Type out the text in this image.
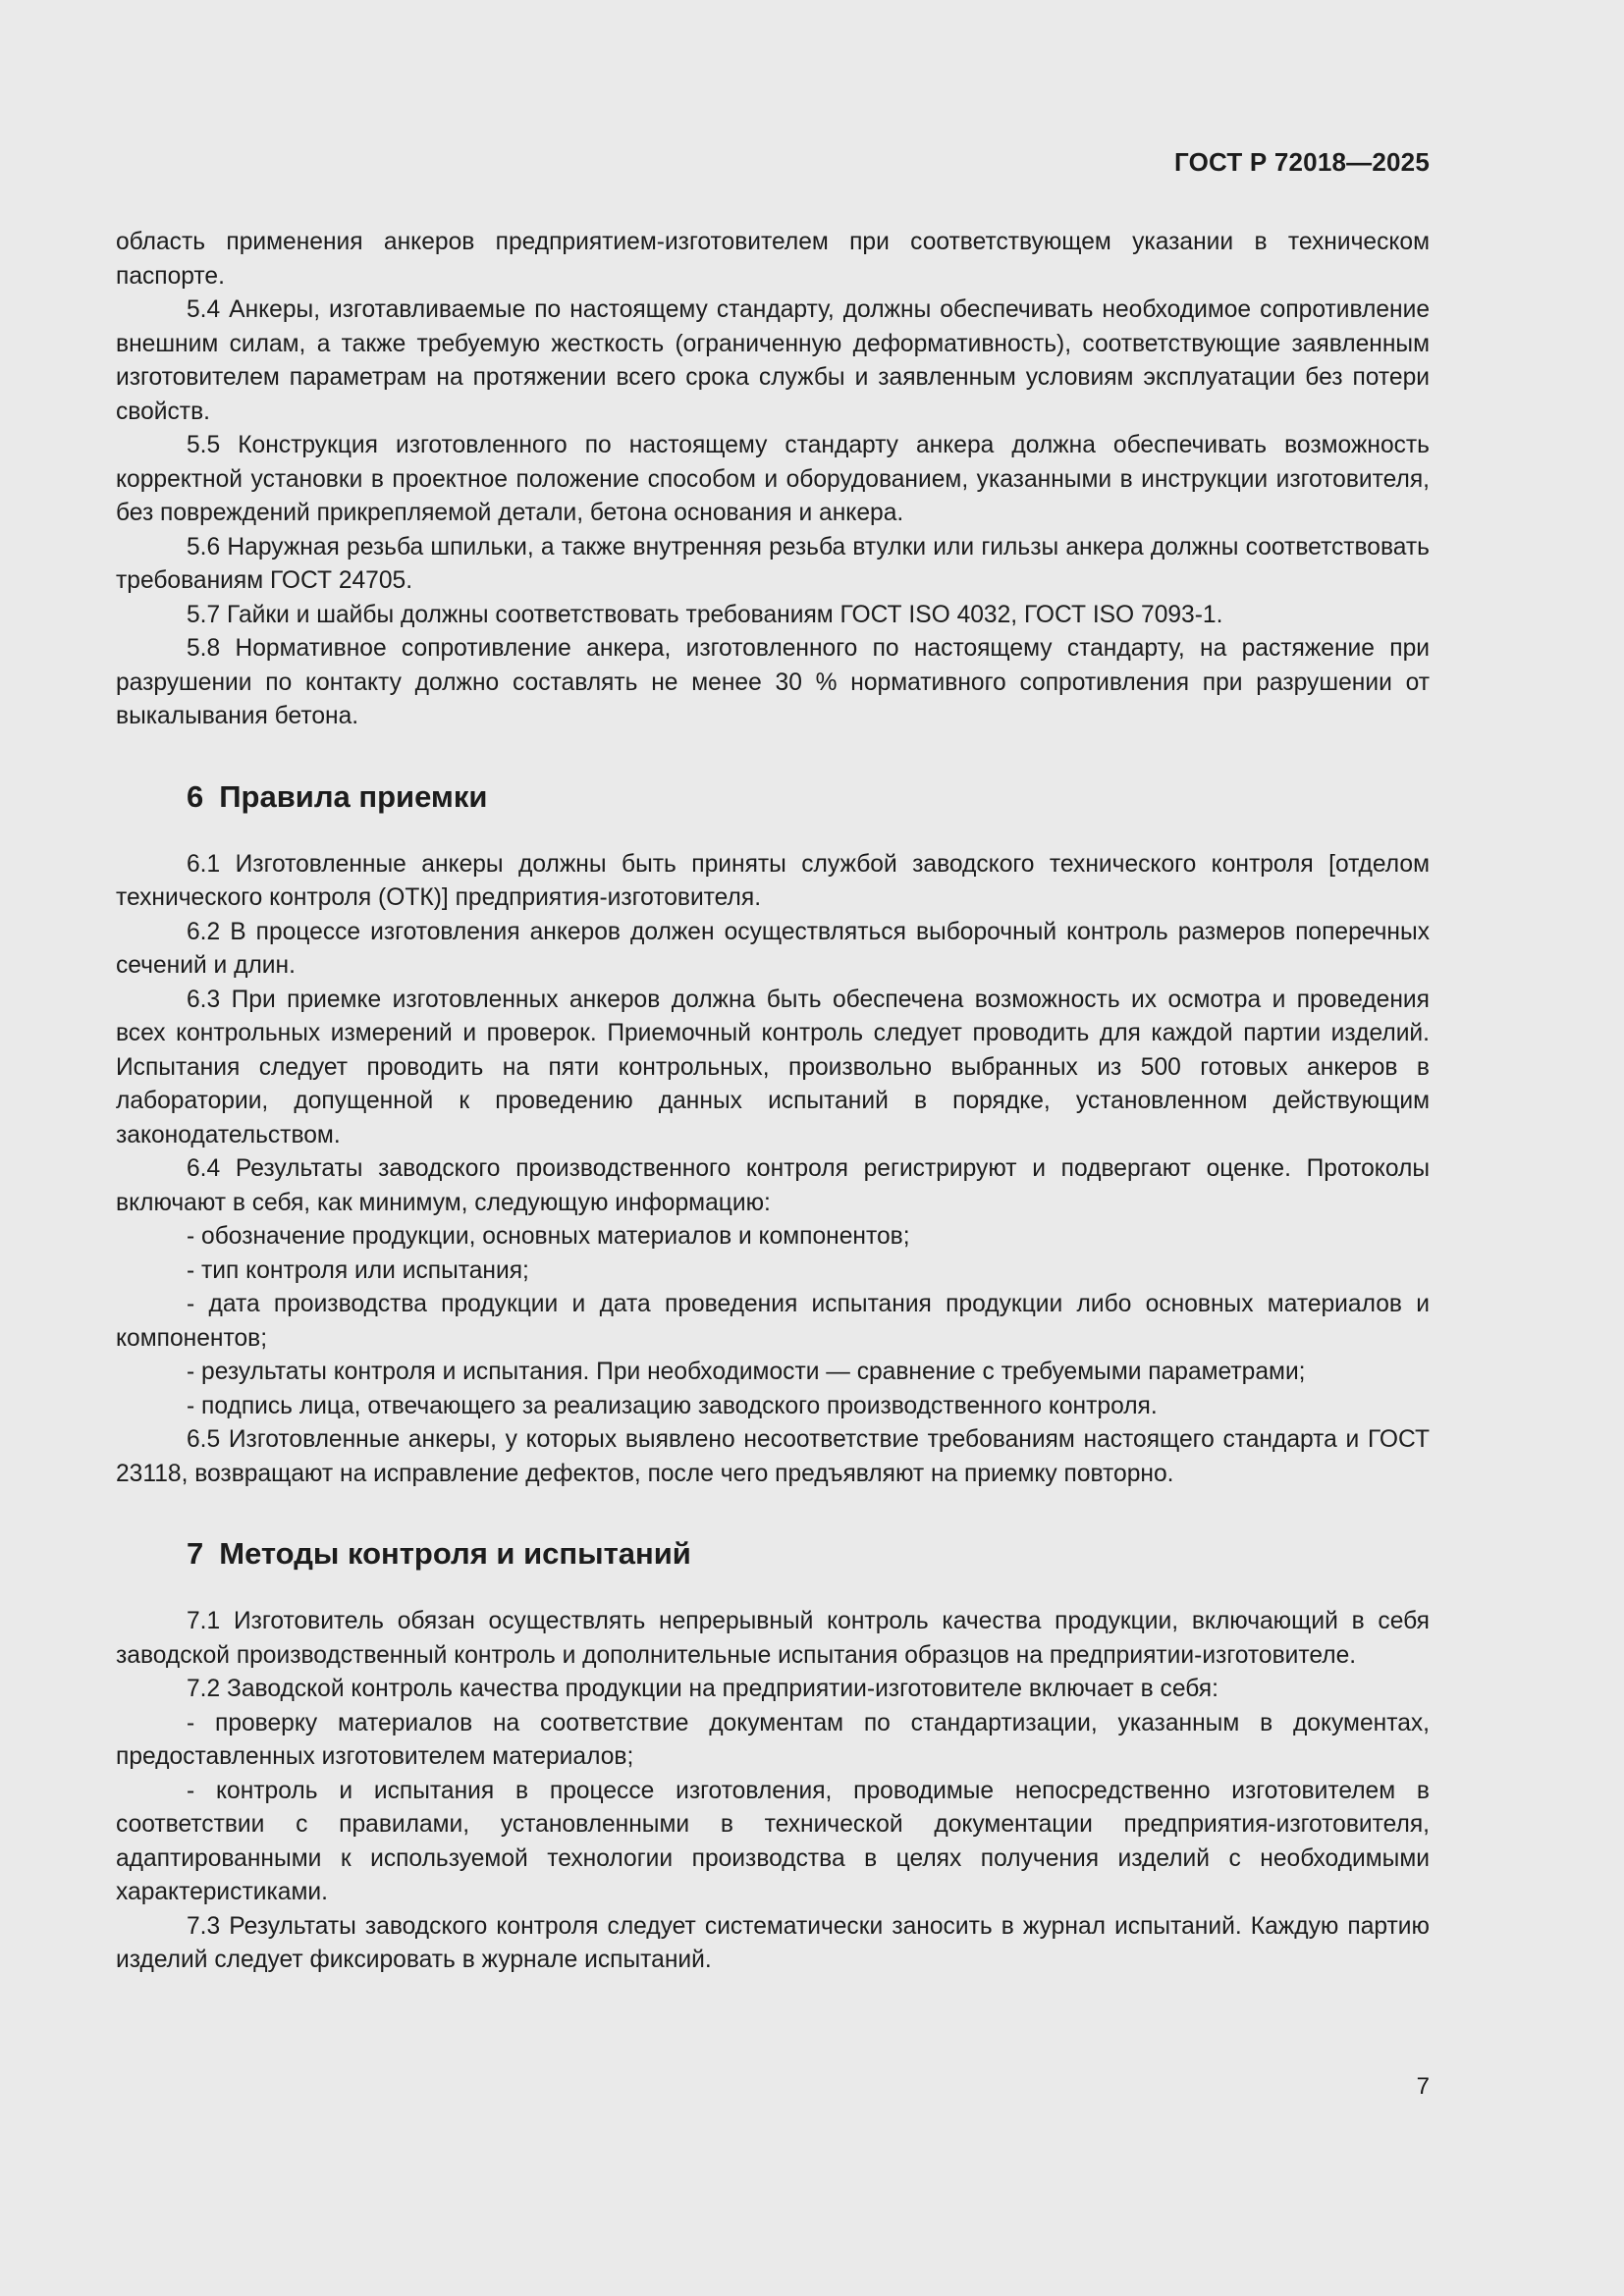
ГОСТ Р 72018—2025

область применения анкеров предприятием-изготовителем при соответствующем указании в техническом паспорте.

5.4 Анкеры, изготавливаемые по настоящему стандарту, должны обеспечивать необходимое сопротивление внешним силам, а также требуемую жесткость (ограниченную деформативность), соответствующие заявленным изготовителем параметрам на протяжении всего срока службы и заявленным условиям эксплуатации без потери свойств.

5.5 Конструкция изготовленного по настоящему стандарту анкера должна обеспечивать возможность корректной установки в проектное положение способом и оборудованием, указанными в инструкции изготовителя, без повреждений прикрепляемой детали, бетона основания и анкера.

5.6 Наружная резьба шпильки, а также внутренняя резьба втулки или гильзы анкера должны соответствовать требованиям ГОСТ 24705.

5.7 Гайки и шайбы должны соответствовать требованиям ГОСТ ISO 4032, ГОСТ ISO 7093-1.

5.8 Нормативное сопротивление анкера, изготовленного по настоящему стандарту, на растяжение при разрушении по контакту должно составлять не менее 30 % нормативного сопротивления при разрушении от выкалывания бетона.

6 Правила приемки

6.1 Изготовленные анкеры должны быть приняты службой заводского технического контроля [отделом технического контроля (ОТК)] предприятия-изготовителя.

6.2 В процессе изготовления анкеров должен осуществляться выборочный контроль размеров поперечных сечений и длин.

6.3 При приемке изготовленных анкеров должна быть обеспечена возможность их осмотра и проведения всех контрольных измерений и проверок. Приемочный контроль следует проводить для каждой партии изделий. Испытания следует проводить на пяти контрольных, произвольно выбранных из 500 готовых анкеров в лаборатории, допущенной к проведению данных испытаний в порядке, установленном действующим законодательством.

6.4 Результаты заводского производственного контроля регистрируют и подвергают оценке. Протоколы включают в себя, как минимум, следующую информацию:

- обозначение продукции, основных материалов и компонентов;

- тип контроля или испытания;

- дата производства продукции и дата проведения испытания продукции либо основных материалов и компонентов;

- результаты контроля и испытания. При необходимости — сравнение с требуемыми параметрами;

- подпись лица, отвечающего за реализацию заводского производственного контроля.

6.5 Изготовленные анкеры, у которых выявлено несоответствие требованиям настоящего стандарта и ГОСТ 23118, возвращают на исправление дефектов, после чего предъявляют на приемку повторно.

7 Методы контроля и испытаний

7.1 Изготовитель обязан осуществлять непрерывный контроль качества продукции, включающий в себя заводской производственный контроль и дополнительные испытания образцов на предприятии-изготовителе.

7.2 Заводской контроль качества продукции на предприятии-изготовителе включает в себя:

- проверку материалов на соответствие документам по стандартизации, указанным в документах, предоставленных изготовителем материалов;

- контроль и испытания в процессе изготовления, проводимые непосредственно изготовителем в соответствии с правилами, установленными в технической документации предприятия-изготовителя, адаптированными к используемой технологии производства в целях получения изделий с необходимыми характеристиками.

7.3 Результаты заводского контроля следует систематически заносить в журнал испытаний. Каждую партию изделий следует фиксировать в журнале испытаний.

7
